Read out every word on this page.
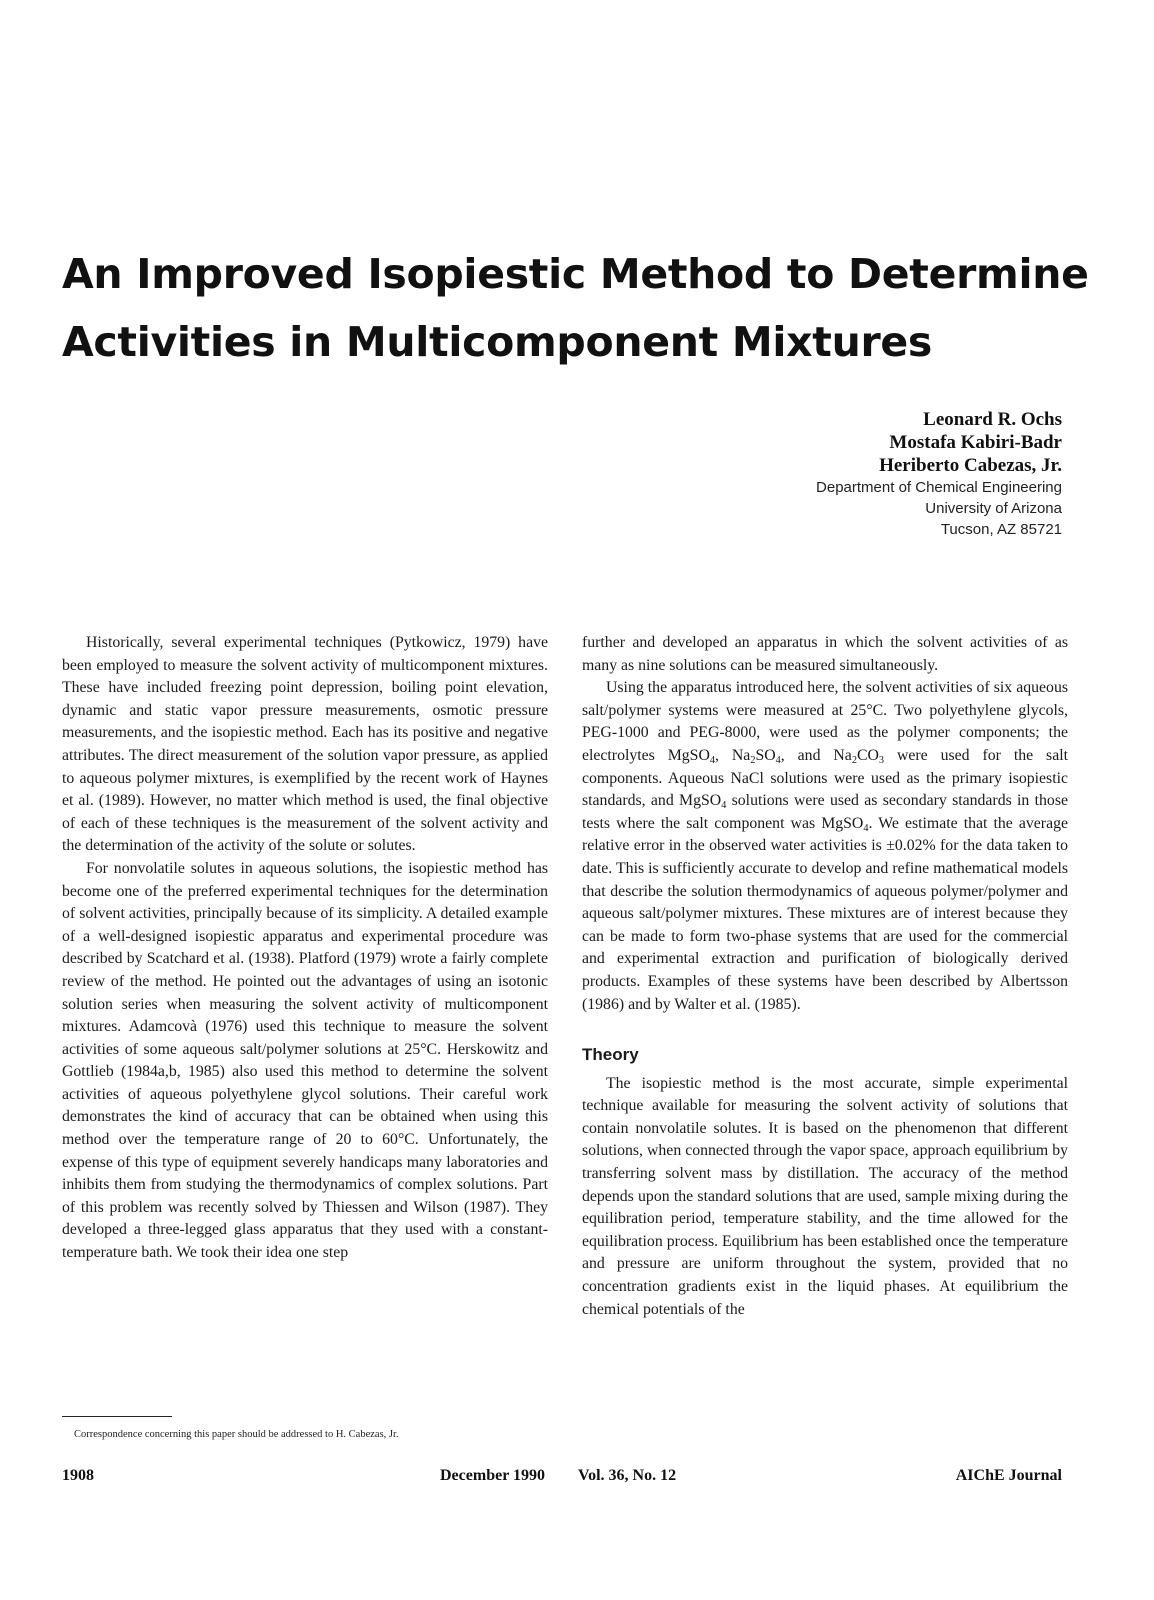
An Improved Isopiestic Method to Determine
Activities in Multicomponent Mixtures
Leonard R. Ochs
Mostafa Kabiri-Badr
Heriberto Cabezas, Jr.
Department of Chemical Engineering
University of Arizona
Tucson, AZ 85721

Historically, several experimental techniques (Pytkowicz, 1979) have been employed to measure the solvent activity of multicomponent mixtures. These have included freezing point depression, boiling point elevation, dynamic and static vapor pressure measurements, osmotic pressure measurements, and the isopiestic method. Each has its positive and negative attributes. The direct measurement of the solution vapor pressure, as applied to aqueous polymer mixtures, is exemplified by the recent work of Haynes et al. (1989). However, no matter which method is used, the final objective of each of these techniques is the measurement of the solvent activity and the determination of the activity of the solute or solutes.

For nonvolatile solutes in aqueous solutions, the isopiestic method has become one of the preferred experimental techniques for the determination of solvent activities, principally because of its simplicity. A detailed example of a well-designed isopiestic apparatus and experimental procedure was described by Scatchard et al. (1938). Platford (1979) wrote a fairly complete review of the method. He pointed out the advantages of using an isotonic solution series when measuring the solvent activity of multicomponent mixtures. Adamcovà (1976) used this technique to measure the solvent activities of some aqueous salt/polymer solutions at 25°C. Herskowitz and Gottlieb (1984a,b, 1985) also used this method to determine the solvent activities of aqueous polyethylene glycol solutions. Their careful work demonstrates the kind of accuracy that can be obtained when using this method over the temperature range of 20 to 60°C. Unfortunately, the expense of this type of equipment severely handicaps many laboratories and inhibits them from studying the thermodynamics of complex solutions. Part of this problem was recently solved by Thiessen and Wilson (1987). They developed a three-legged glass apparatus that they used with a constant-temperature bath. We took their idea one step

further and developed an apparatus in which the solvent activities of as many as nine solutions can be measured simultaneously.

Using the apparatus introduced here, the solvent activities of six aqueous salt/polymer systems were measured at 25°C. Two polyethylene glycols, PEG-1000 and PEG-8000, were used as the polymer components; the electrolytes MgSO$_4$, $Na_2SO_4$, and $Na_2CO_3$ were used for the salt components. Aqueous NaCl solutions were used as the primary isopiestic standards, and MgSO$_4$ solutions were used as secondary standards in those tests where the salt component was MgSO$_4$. We estimate that the average relative error in the observed water activities is ±0.02% for the data taken to date. This is sufficiently accurate to develop and refine mathematical models that describe the solution thermodynamics of aqueous polymer/polymer and aqueous salt/polymer mixtures. These mixtures are of interest because they can be made to form two-phase systems that are used for the commercial and experimental extraction and purification of biologically derived products. Examples of these systems have been described by Albertsson (1986) and by Walter et al. (1985).

Theory

The isopiestic method is the most accurate, simple experimental technique available for measuring the solvent activity of solutions that contain nonvolatile solutes. It is based on the phenomenon that different solutions, when connected through the vapor space, approach equilibrium by transferring solvent mass by distillation. The accuracy of the method depends upon the standard solutions that are used, sample mixing during the equilibration period, temperature stability, and the time allowed for the equilibration process. Equilibrium has been established once the temperature and pressure are uniform throughout the system, provided that no concentration gradients exist in the liquid phases. At equilibrium the chemical potentials of the

Correspondence concerning this paper should be addressed to H. Cabezas, Jr.
1908	December 1990 Vol. 36, No. 12	AIChE Journal
